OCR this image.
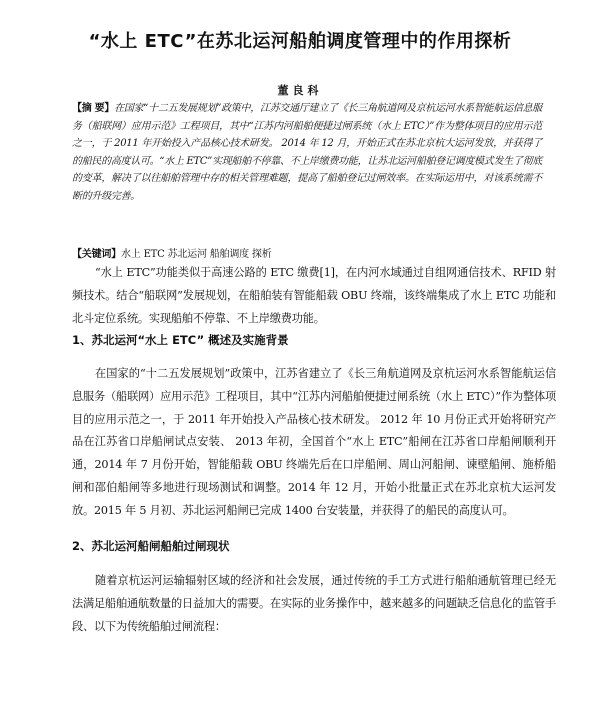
“水上 ETC”在苏北运河船舶调度管理中的作用探析
董良科
【摘 要】在国家“十二五发展规划”政策中，江苏交通厅建立了《长三角航道网及京杭运河水系智能航运信息服务（船联网）应用示范》工程项目，其中“江苏内河船舶便捷过闸系统（水上 ETC）”作为整体项目的应用示范之一，于 2011 年开始投入产品核心技术研发。 2014 年 12 月，开始正式在苏北京杭大运河发放，并获得了的船民的高度认可。“水上 ETC”实现船舶不停靠、不上岸缴费功能，让苏北运河船舶登记调度模式发生了彻底的变革，解决了以往船舶管理中存的相关管理难题，提高了船舶登记过闸效率。在实际运用中，对该系统需不断的升级完善。
【关键词】水上 ETC 苏北运河 船舶调度 探析
“水上 ETC”功能类似于高速公路的 ETC 缴费[1]，在内河水域通过自组网通信技术、RFID 射频技术。结合“船联网”发展规划，在船舶装有智能船载 OBU 终端，该终端集成了水上 ETC 功能和北斗定位系统。实现船舶不停靠、不上岸缴费功能。
1、苏北运河“水上 ETC” 概述及实施背景
在国家的“十二五发展规划”政策中，江苏省建立了《长三角航道网及京杭运河水系智能航运信息服务（船联网）应用示范》工程项目，其中“江苏内河船舶便捷过闸系统（水上 ETC）”作为整体项目的应用示范之一，于 2011 年开始投入产品核心技术研发。 2012 年 10 月份正式开始将研究产品在江苏省口岸船闸试点安装、 2013 年初，全国首个“水上 ETC”船闸在江苏省口岸船闸顺利开通，2014 年 7 月份开始，智能船载 OBU 终端先后在口岸船闸、周山河船闸、谏壁船闸、施桥船闸和邵伯船闸等多地进行现场测试和调整。2014 年 12 月，开始小批量正式在苏北京杭大运河发放。2015 年 5 月初、苏北运河船闸已完成 1400 台安装量，并获得了的船民的高度认可。
2、苏北运河船闸船舶过闸现状
随着京杭运河运输辐射区域的经济和社会发展，通过传统的手工方式进行船舶通航管理已经无法满足船舶通航数量的日益加大的需要。在实际的业务操作中，越来越多的问题缺乏信息化的监管手段、以下为传统船舶过闸流程：
